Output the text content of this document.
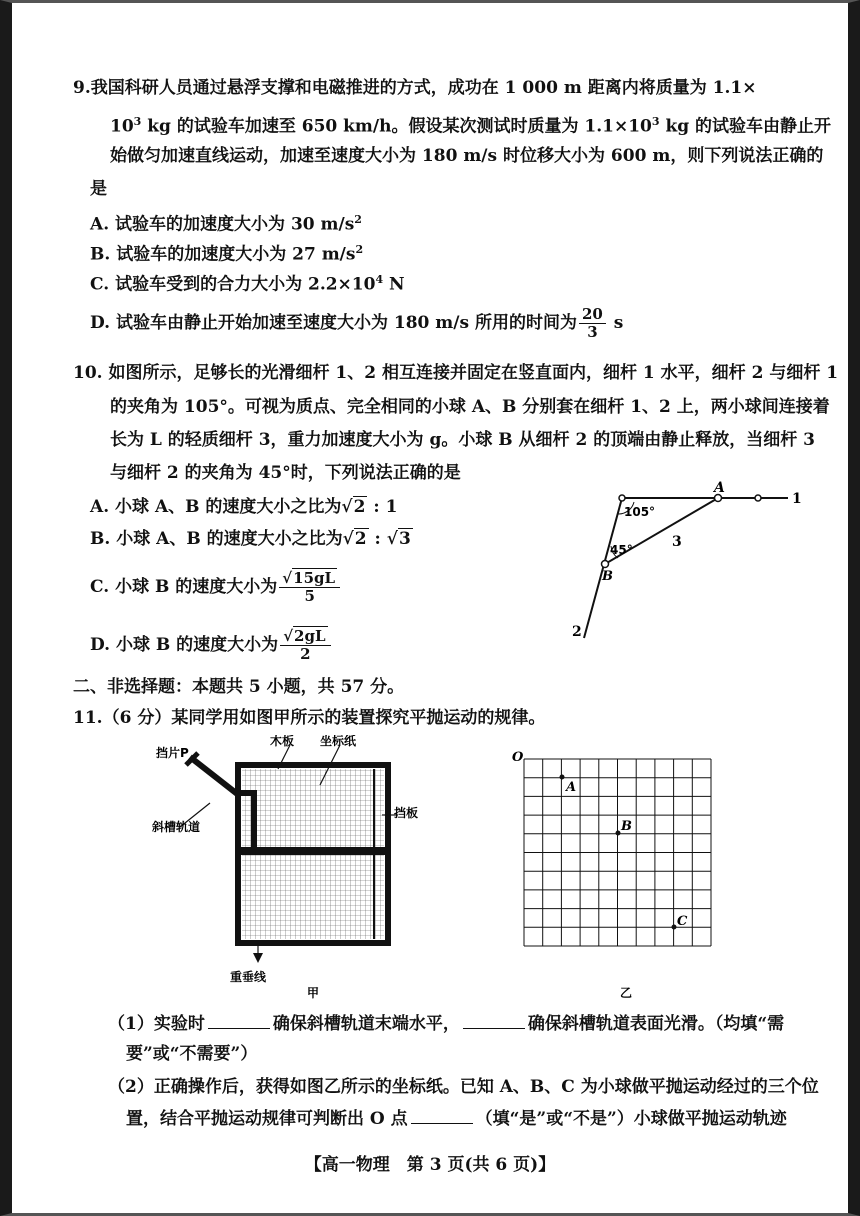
9.我国科研人员通过悬浮支撑和电磁推进的方式，成功在 1 000 m 距离内将质量为 1.1×
$10^3$ kg 的试验车加速至 650 km/h。假设某次测试时质量为 $1.1\times 10^3$ kg 的试验车由静止开
始做匀加速直线运动，加速至速度大小为 180 m/s 时位移大小为 600 m，则下列说法正确的
是
A. 试验车的加速度大小为 30 $m/s^2$
B. 试验车的加速度大小为 27 $m/s^2$
C. 试验车受到的合力大小为 $2.2\times 10^4$ N
D. 试验车由静止开始加速至速度大小为 180 m/s 所用的时间为 $\frac{20}{3}$ s
10. 如图所示，足够长的光滑细杆 1、2 相互连接并固定在竖直面内，细杆 1 水平，细杆 2 与细杆 1
的夹角为 105°。可视为质点、完全相同的小球 A、B 分别套在细杆 1、2 上，两小球间连接着
长为 L 的轻质细杆 3，重力加速度大小为 g。小球 B 从细杆 2 的顶端由静止释放，当细杆 3
与细杆 2 的夹角为 45°时，下列说法正确的是
A. 小球 A、B 的速度大小之比为√2 : 1
B. 小球 A、B 的速度大小之比为√2 : √3
C. 小球 B 的速度大小为 $\frac{√15gL}{5}$
D. 小球 B 的速度大小为 $\frac{√2gL}{2}$
A
B
1
2
3
105°
45°
二、非选择题：本题共 5 小题，共 57 分。
11.（6 分）某同学用如图甲所示的装置探究平抛运动的规律。
挡片P
木板 坐标纸
斜槽轨道
挡板
重垂线
甲
O
A
B
C
乙
（1）实验时	确保斜槽轨道末端水平，	确保斜槽轨道表面光滑。（均填“需
要”或“不需要”）
（2）正确操作后，获得如图乙所示的坐标纸。已知 A、B、C 为小球做平抛运动经过的三个位
置，结合平抛运动规律可判断出 O 点	（填“是”或“不是”）小球做平抛运动轨迹
【高一物理　第 3 页(共 6 页)】
